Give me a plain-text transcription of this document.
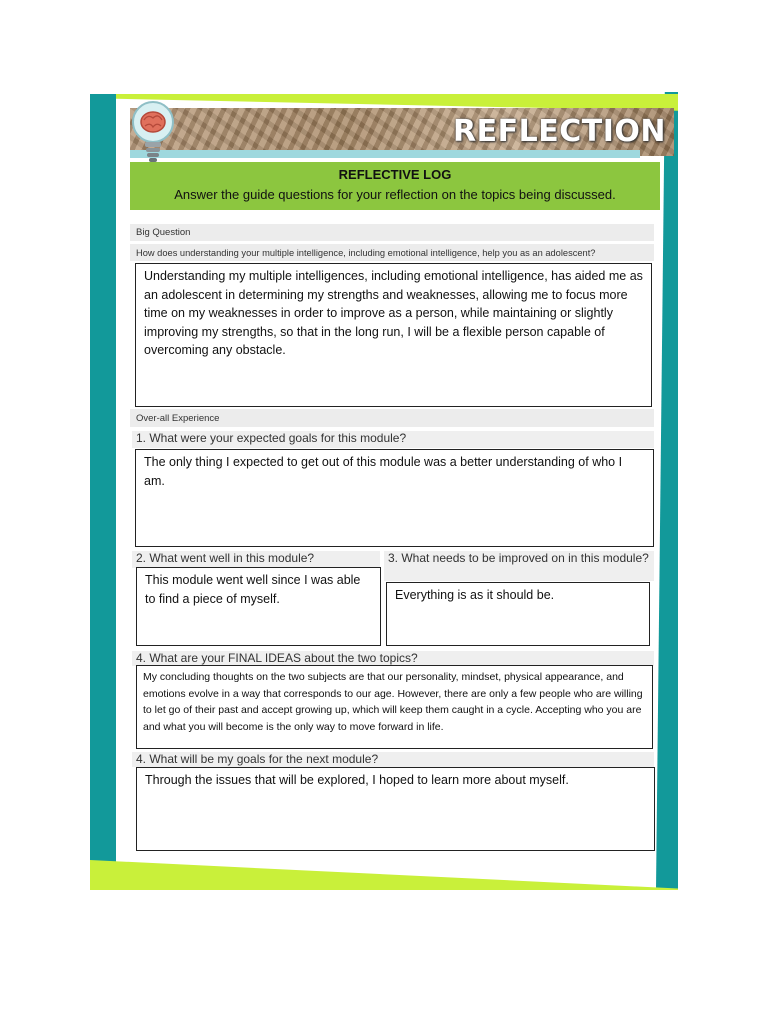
REFLECTION
REFLECTIVE LOG
Answer the guide questions for your reflection on the topics being discussed.
Big Question
How does understanding your multiple intelligence, including emotional intelligence, help you as an adolescent?
Understanding my multiple intelligences, including emotional intelligence, has aided me as an adolescent in determining my strengths and weaknesses, allowing me to focus more time on my weaknesses in order to improve as a person, while maintaining or slightly improving my strengths, so that in the long run, I will be a flexible person capable of overcoming any obstacle.
Over-all Experience
1. What were your expected goals for this module?
The only thing I expected to get out of this module was a better understanding of who I am.
2. What went well in this module?
This module went well since I was able to find a piece of myself.
3. What needs to be improved on in this module?
Everything is as it should be.
4. What are your FINAL IDEAS about the two topics?
My concluding thoughts on the two subjects are that our personality, mindset, physical appearance, and emotions evolve in a way that corresponds to our age. However, there are only a few people who are willing to let go of their past and accept growing up, which will keep them caught in a cycle. Accepting who you are and what you will become is the only way to move forward in life.
4. What will be my goals for the next module?
Through the issues that will be explored, I hoped to learn more about myself.
